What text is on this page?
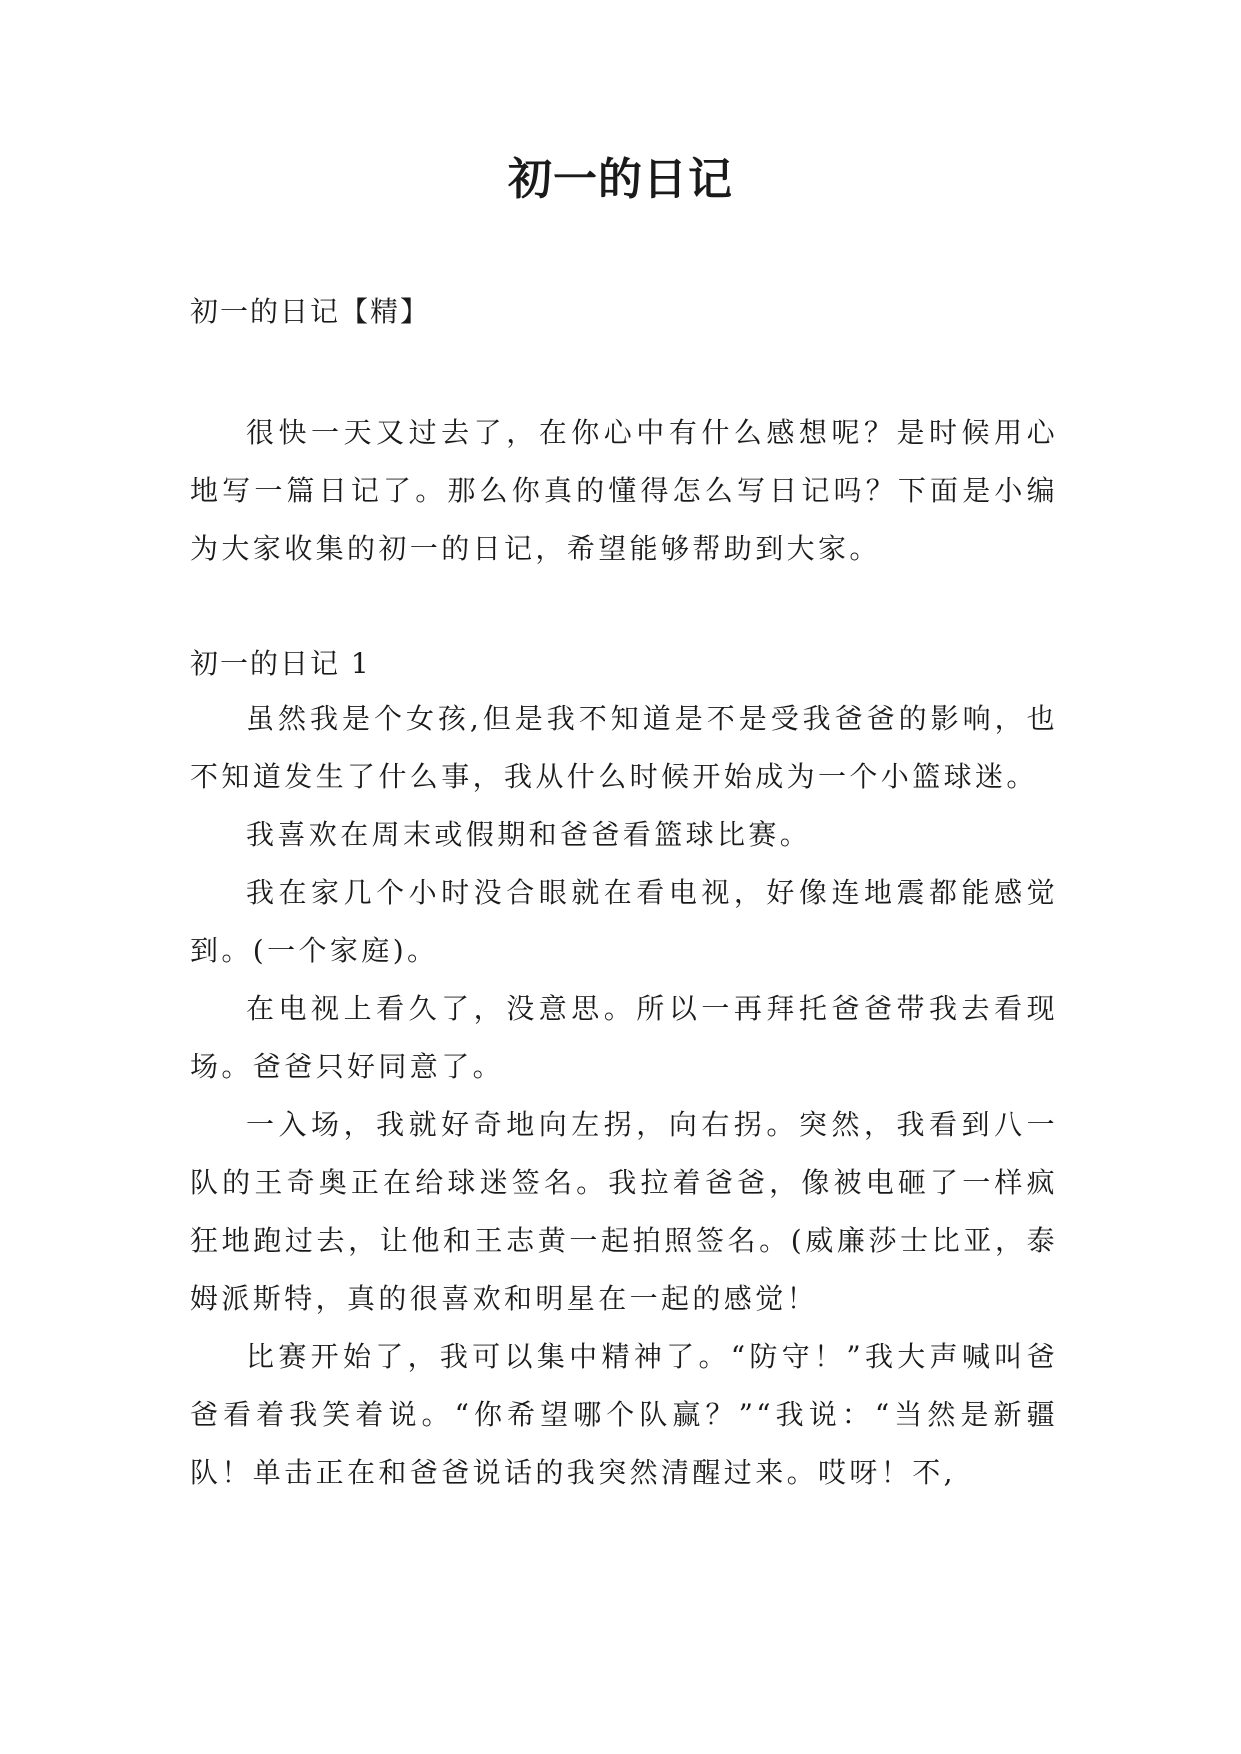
初一的日记
初一的日记【精】

很快一天又过去了，在你心中有什么感想呢？是时候用心地写一篇日记了。那么你真的懂得怎么写日记吗？下面是小编为大家收集的初一的日记，希望能够帮助到大家。

初一的日记 1

虽然我是个女孩,但是我不知道是不是受我爸爸的影响，也不知道发生了什么事，我从什么时候开始成为一个小篮球迷。

我喜欢在周末或假期和爸爸看篮球比赛。

我在家几个小时没合眼就在看电视，好像连地震都能感觉到。(一个家庭)。

在电视上看久了，没意思。所以一再拜托爸爸带我去看现场。爸爸只好同意了。

一入场，我就好奇地向左拐，向右拐。突然，我看到八一队的王奇奥正在给球迷签名。我拉着爸爸，像被电砸了一样疯狂地跑过去，让他和王志黄一起拍照签名。(威廉莎士比亚，泰姆派斯特，真的很喜欢和明星在一起的感觉！

比赛开始了，我可以集中精神了。“防守！”我大声喊叫爸爸看着我笑着说。“你希望哪个队赢？”“我说：“当然是新疆队！单击正在和爸爸说话的我突然清醒过来。哎呀！不,
